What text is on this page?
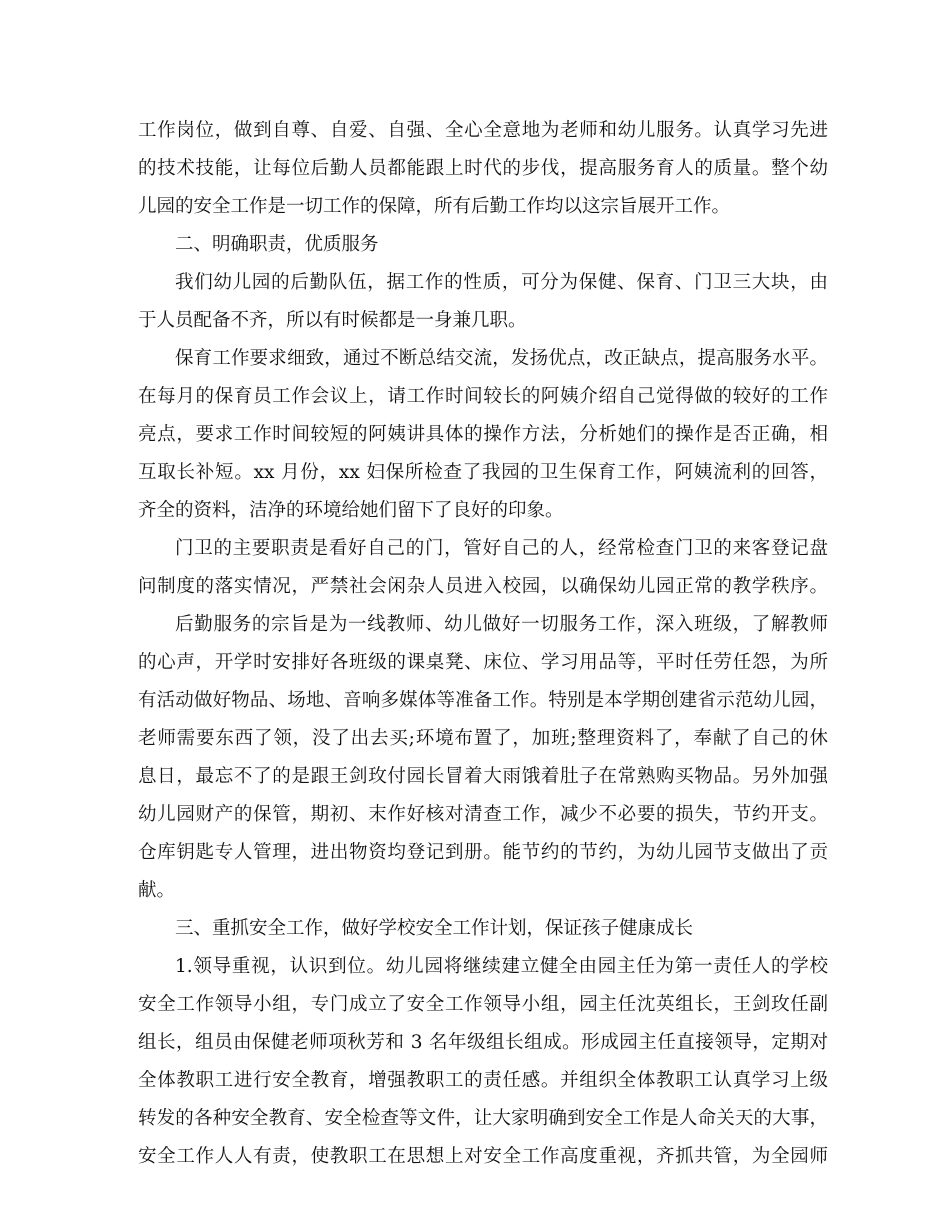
工作岗位，做到自尊、自爱、自强、全心全意地为老师和幼儿服务。认真学习先进
的技术技能，让每位后勤人员都能跟上时代的步伐，提高服务育人的质量。整个幼
儿园的安全工作是一切工作的保障，所有后勤工作均以这宗旨展开工作。
二、明确职责，优质服务
我们幼儿园的后勤队伍，据工作的性质，可分为保健、保育、门卫三大块，由
于人员配备不齐，所以有时候都是一身兼几职。
保育工作要求细致，通过不断总结交流，发扬优点，改正缺点，提高服务水平。
在每月的保育员工作会议上，请工作时间较长的阿姨介绍自己觉得做的较好的工作
亮点，要求工作时间较短的阿姨讲具体的操作方法，分析她们的操作是否正确，相
互取长补短。xx 月份，xx 妇保所检查了我园的卫生保育工作，阿姨流利的回答，
齐全的资料，洁净的环境给她们留下了良好的印象。
门卫的主要职责是看好自己的门，管好自己的人，经常检查门卫的来客登记盘
问制度的落实情况，严禁社会闲杂人员进入校园，以确保幼儿园正常的教学秩序。
后勤服务的宗旨是为一线教师、幼儿做好一切服务工作，深入班级，了解教师
的心声，开学时安排好各班级的课桌凳、床位、学习用品等，平时任劳任怨，为所
有活动做好物品、场地、音响多媒体等准备工作。特别是本学期创建省示范幼儿园，
老师需要东西了领，没了出去买;环境布置了，加班;整理资料了，奉献了自己的休
息日，最忘不了的是跟王剑玫付园长冒着大雨饿着肚子在常熟购买物品。另外加强
幼儿园财产的保管，期初、末作好核对清查工作，减少不必要的损失，节约开支。
仓库钥匙专人管理，进出物资均登记到册。能节约的节约，为幼儿园节支做出了贡
献。
三、重抓安全工作，做好学校安全工作计划，保证孩子健康成长
1.领导重视，认识到位。幼儿园将继续建立健全由园主任为第一责任人的学校
安全工作领导小组，专门成立了安全工作领导小组，园主任沈英组长，王剑玫任副
组长，组员由保健老师项秋芳和 3 名年级组长组成。形成园主任直接领导，定期对
全体教职工进行安全教育，增强教职工的责任感。并组织全体教职工认真学习上级
转发的各种安全教育、安全检查等文件，让大家明确到安全工作是人命关天的大事，
安全工作人人有责，使教职工在思想上对安全工作高度重视，齐抓共管，为全园师
